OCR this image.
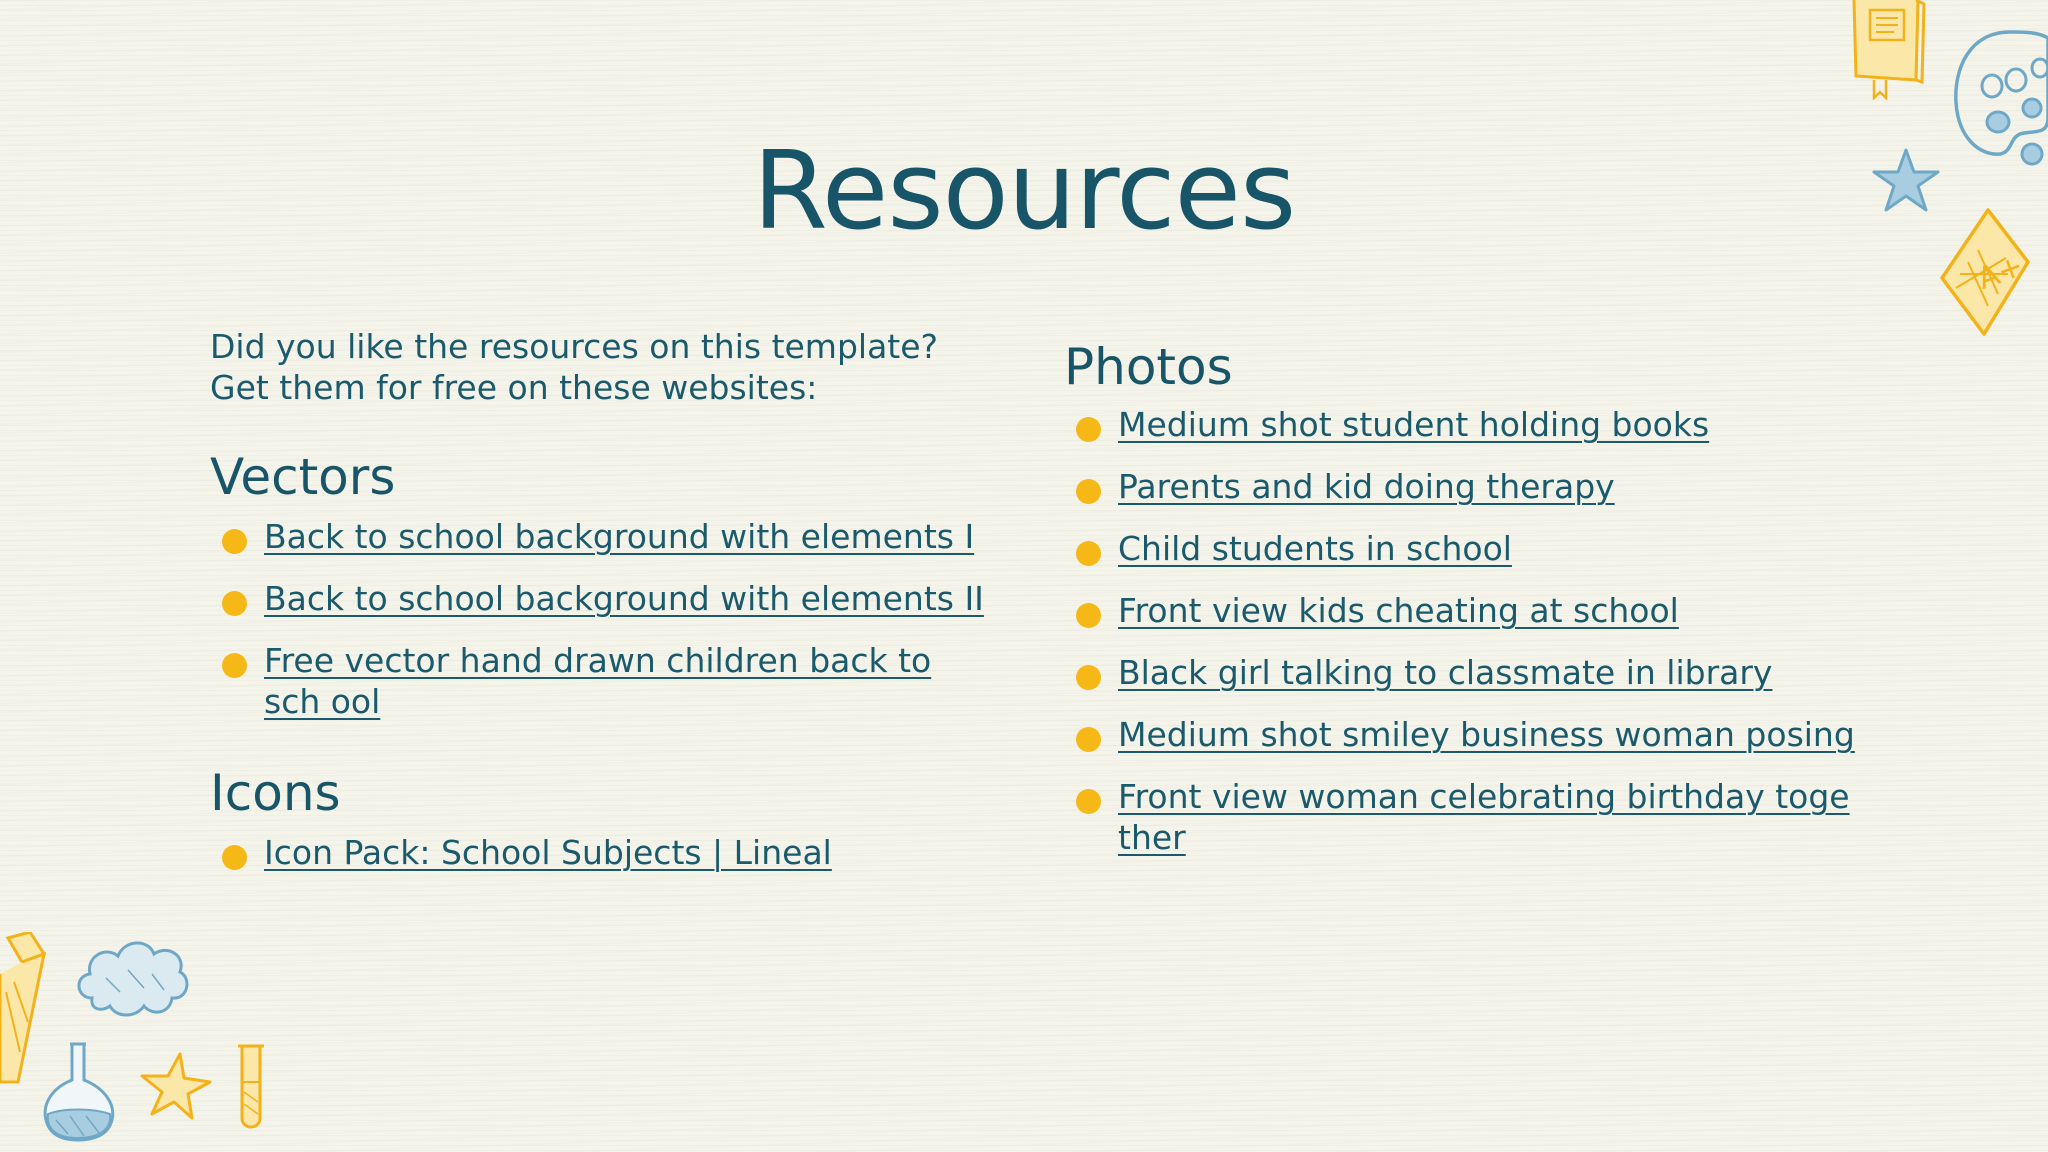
Resources

Did you like the resources on this template? Get them for free on these websites:

Vectors
Back to school background with elements I
Back to school background with elements II
Free vector hand drawn children back to sch ool
Icons
Icon Pack: School Subjects | Lineal
Photos
Medium shot student holding books
Parents and kid doing therapy
Child students in school
Front view kids cheating at school
Black girl talking to classmate in library
Medium shot smiley business woman posing
Front view woman celebrating birthday toge ther
A+
